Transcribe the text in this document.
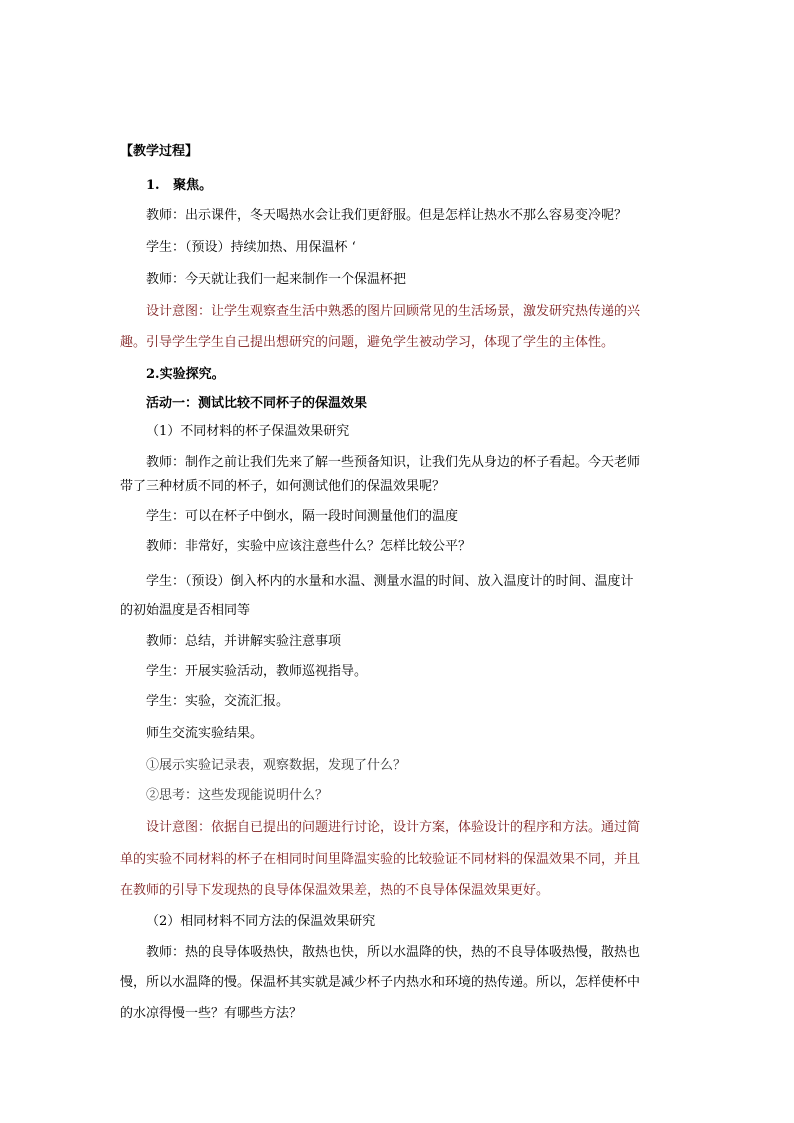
【教学过程】
1. 聚焦。
教师：出示课件，冬天喝热水会让我们更舒服。但是怎样让热水不那么容易变冷呢？
学生：（预设）持续加热、用保温杯 ‘
教师：今天就让我们一起来制作一个保温杯把
设计意图：让学生观察查生活中熟悉的图片回顾常见的生活场景，激发研究热传递的兴
趣。引导学生学生自己提出想研究的问题，避免学生被动学习，体现了学生的主体性。
2.实验探究。
活动一：测试比较不同杯子的保温效果
（1）不同材料的杯子保温效果研究
教师：制作之前让我们先来了解一些预备知识，让我们先从身边的杯子看起。今天老师
带了三种材质不同的杯子，如何测试他们的保温效果呢？
学生：可以在杯子中倒水，隔一段时间测量他们的温度
教师：非常好，实验中应该注意些什么？怎样比较公平？
学生：（预设）倒入杯内的水量和水温、测量水温的时间、放入温度计的时间、温度计
的初始温度是否相同等
教师：总结，并讲解实验注意事项
学生：开展实验活动，教师巡视指导。
学生：实验，交流汇报。
师生交流实验结果。
①展示实验记录表，观察数据，发现了什么？
②思考：这些发现能说明什么？
设计意图：依据自已提出的问题进行讨论，设计方案，体验设计的程序和方法。通过简
单的实验不同材料的杯子在相同时间里降温实验的比较验证不同材料的保温效果不同，并且
在教师的引导下发现热的良导体保温效果差，热的不良导体保温效果更好。
（2）相同材料不同方法的保温效果研究
教师：热的良导体吸热快，散热也快，所以水温降的快，热的不良导体吸热慢，散热也
慢，所以水温降的慢。保温杯其实就是减少杯子内热水和环境的热传递。所以，怎样使杯中
的水凉得慢一些？有哪些方法？
